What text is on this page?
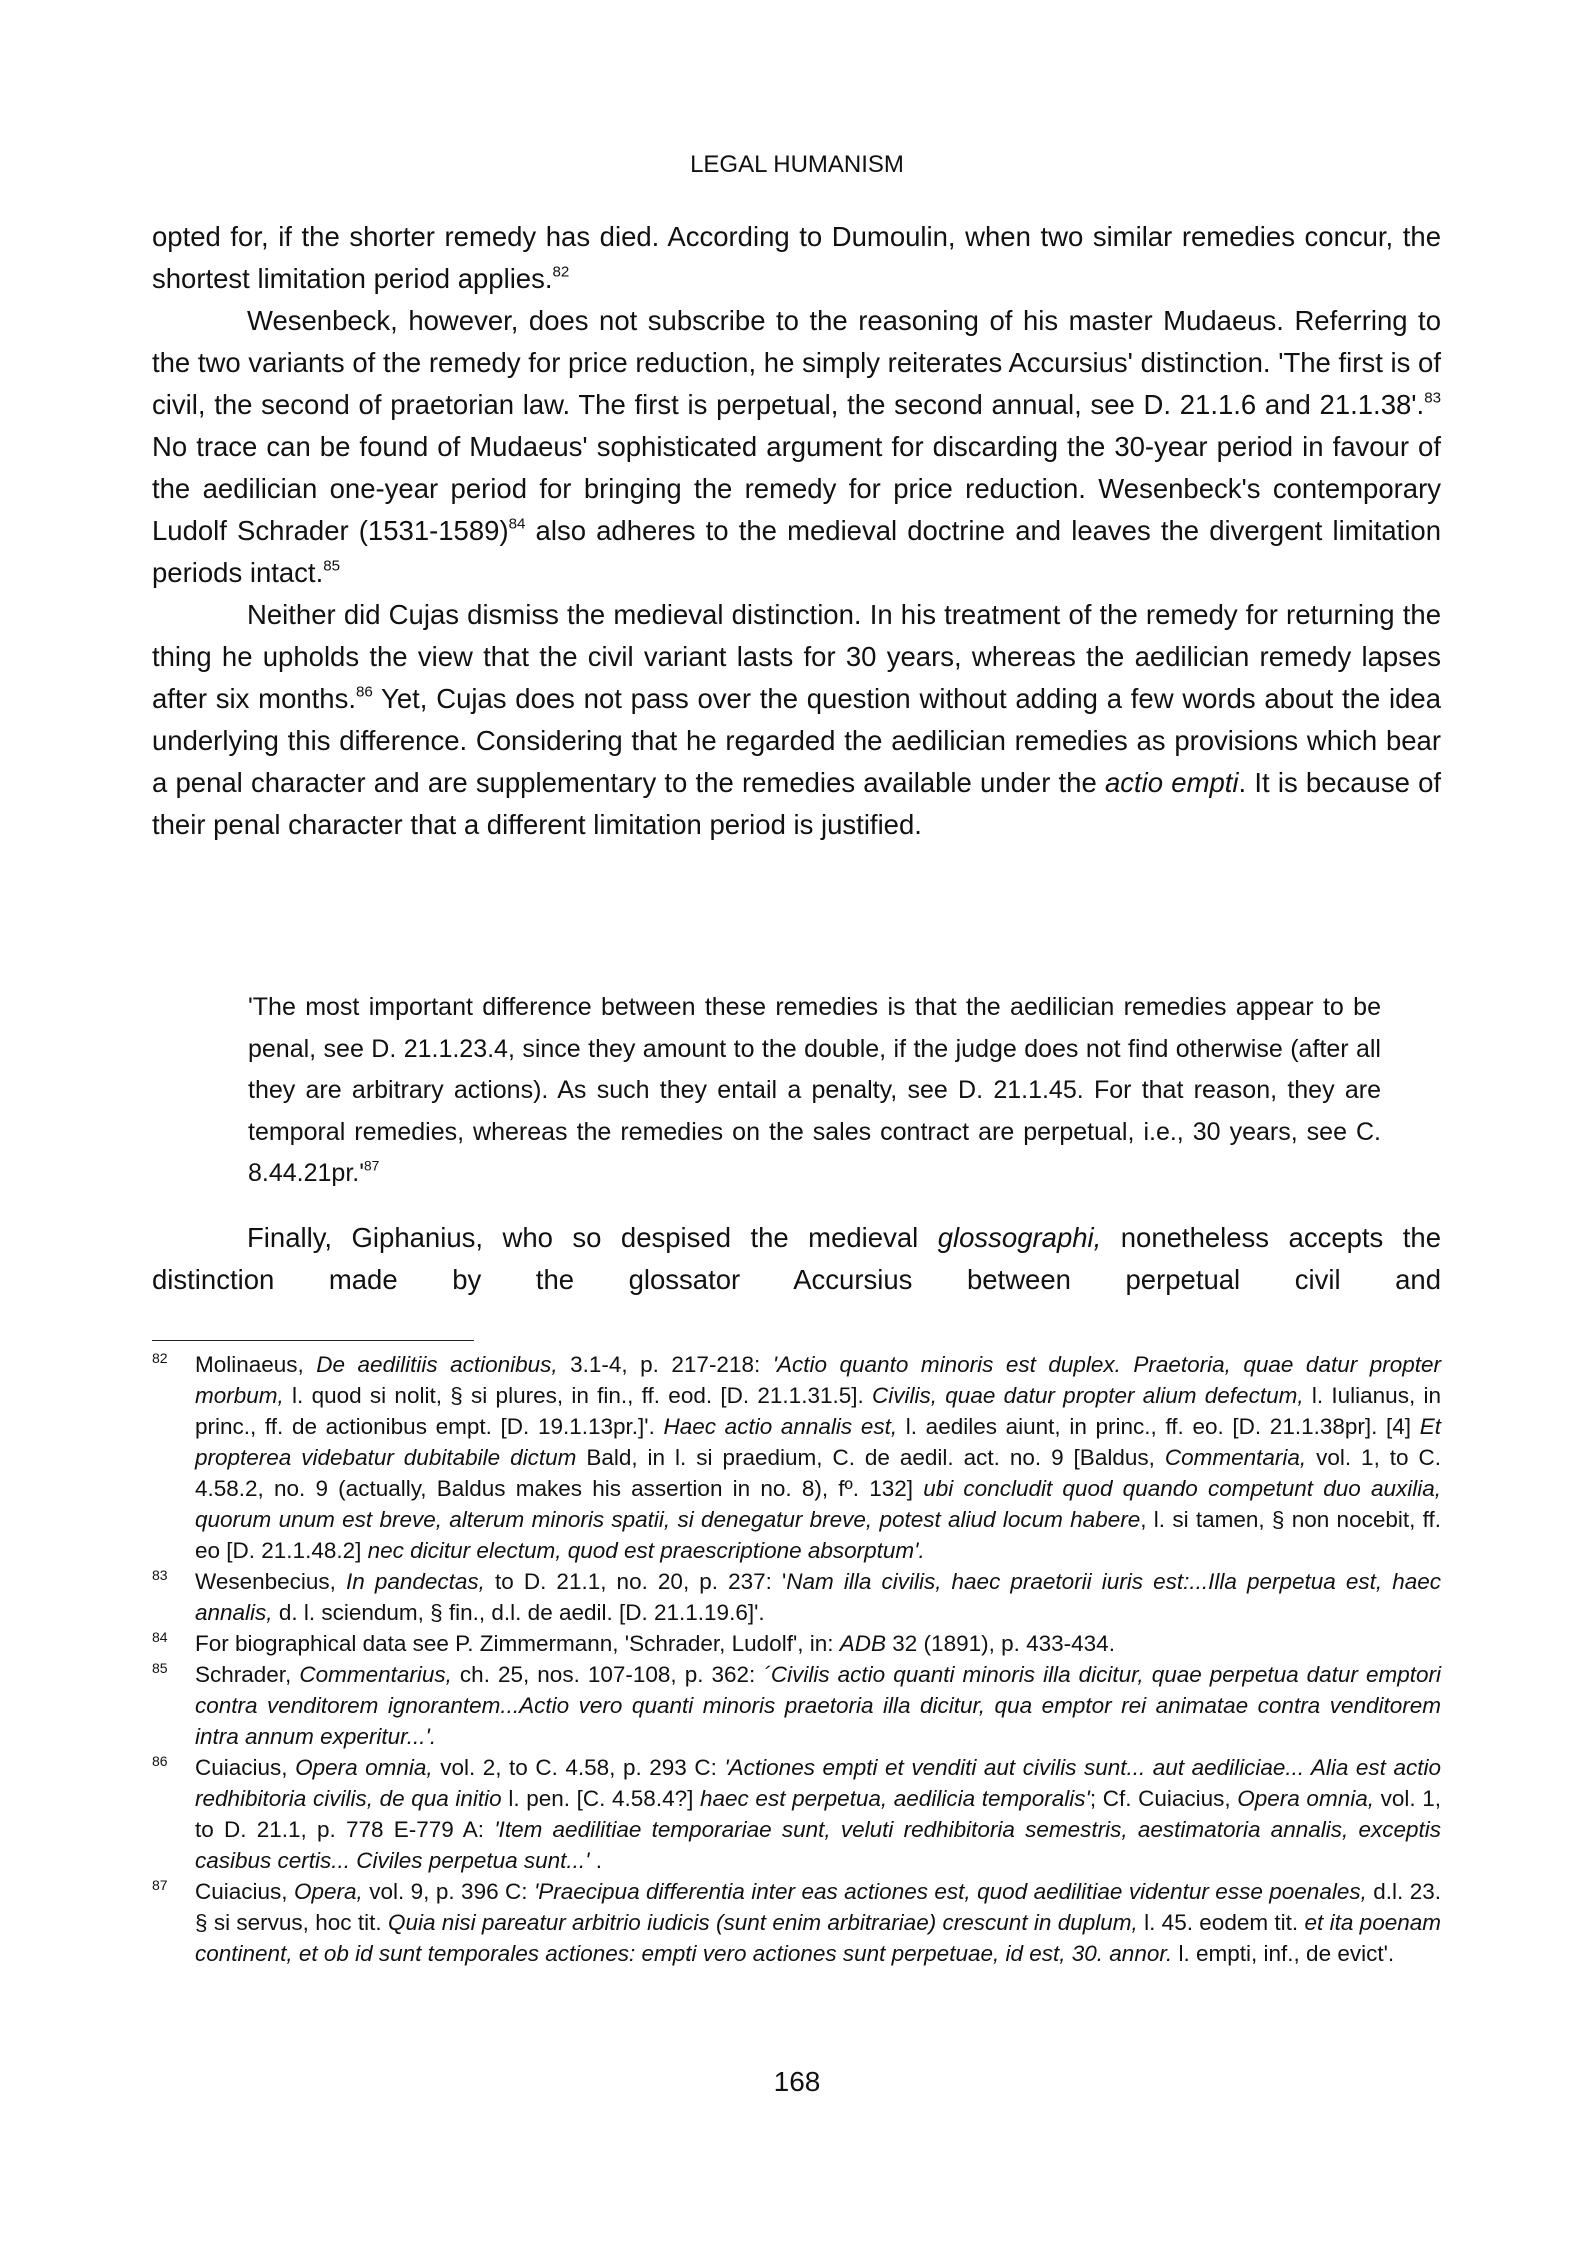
LEGAL HUMANISM

opted for, if the shorter remedy has died. According to Dumoulin, when two similar remedies concur, the shortest limitation period applies.$^{82}$

Wesenbeck, however, does not subscribe to the reasoning of his master Mudaeus. Referring to the two variants of the remedy for price reduction, he simply reiterates Accursius' distinction. 'The first is of civil, the second of praetorian law. The first is perpetual, the second annual, see D. 21.1.6 and 21.1.38'.$^{83}$ No trace can be found of Mudaeus' sophisticated argument for discarding the 30-year period in favour of the aedilician one-year period for bringing the remedy for price reduction. Wesenbeck's contemporary Ludolf Schrader (1531-1589)$^{84}$ also adheres to the medieval doctrine and leaves the divergent limitation periods intact.$^{85}$

Neither did Cujas dismiss the medieval distinction. In his treatment of the remedy for returning the thing he upholds the view that the civil variant lasts for 30 years, whereas the aedilician remedy lapses after six months.$^{86}$ Yet, Cujas does not pass over the question without adding a few words about the idea underlying this difference. Considering that he regarded the aedilician remedies as provisions which bear a penal character and are supplementary to the remedies available under the actio empti. It is because of their penal character that a different limitation period is justified.

'The most important difference between these remedies is that the aedilician remedies appear to be penal, see D. 21.1.23.4, since they amount to the double, if the judge does not find otherwise (after all they are arbitrary actions). As such they entail a penalty, see D. 21.1.45. For that reason, they are temporal remedies, whereas the remedies on the sales contract are perpetual, i.e., 30 years, see C. $8.44.21pr.'^{87}$
Finally, Giphanius, who so despised the medieval glossographi, nonetheless accepts the distinction made by the glossator Accursius between perpetual civil and
82 Molinaeus, De aedilitiis actionibus, 3.1-4, p. 217-218: 'Actio quanto minoris est duplex. Praetoria, quae datur propter morbum, l. quod si nolit, § si plures, in fin., ff. eod. [D. 21.1.31.5]. Civilis, quae datur propter alium defectum, l. Iulianus, in princ., ff. de actionibus empt. [D. 19.1.13pr.]'. Haec actio annalis est, l. aediles aiunt, in princ., ff. eo. [D. 21.1.38pr]. [4] Et propterea videbatur dubitabile dictum Bald, in l. si praedium, C. de aedil. act. no. 9 [Baldus, Commentaria, vol. 1, to C. 4.58.2, no. 9 (actually, Baldus makes his assertion in no. 8), fº. 132] ubi concludit quod quando competunt duo auxilia, quorum unum est breve, alterum minoris spatii, si denegatur breve, potest aliud locum habere, l. si tamen, § non nocebit, ff. eo [D. 21.1.48.2] nec dicitur electum, quod est praescriptione absorptum'.
83 Wesenbecius, In pandectas, to D. 21.1, no. 20, p. 237: 'Nam illa civilis, haec praetorii iuris est:...Illa perpetua est, haec annalis, d. l. sciendum, § fin., d.l. de aedil. [D. 21.1.19.6]'.
84 For biographical data see P. Zimmermann, 'Schrader, Ludolf', in: ADB 32 (1891), p. 433-434.
85 Schrader, Commentarius, ch. 25, nos. 107-108, p. 362: ´Civilis actio quanti minoris illa dicitur, quae perpetua datur emptori contra venditorem ignorantem...Actio vero quanti minoris praetoria illa dicitur, qua emptor rei animatae contra venditorem intra annum experitur...'.
86 Cuiacius, Opera omnia, vol. 2, to C. 4.58, p. 293 C: 'Actiones empti et venditi aut civilis sunt... aut aediliciae... Alia est actio redhibitoria civilis, de qua initio l. pen. [C. 4.58.4?] haec est perpetua, aedilicia temporalis'; Cf. Cuiacius, Opera omnia, vol. 1, to D. 21.1, p. 778 E-779 A: 'Item aedilitiae temporariae sunt, veluti redhibitoria semestris, aestimatoria annalis, exceptis casibus certis... Civiles perpetua sunt...' .
87 Cuiacius, Opera, vol. 9, p. 396 C: 'Praecipua differentia inter eas actiones est, quod aedilitiae videntur esse poenales, d.l. 23. § si servus, hoc tit. Quia nisi pareatur arbitrio iudicis (sunt enim arbitrariae) crescunt in duplum, l. 45. eodem tit. et ita poenam continent, et ob id sunt temporales actiones: empti vero actiones sunt perpetuae, id est, 30. annor. l. empti, inf., de evict'.
168
